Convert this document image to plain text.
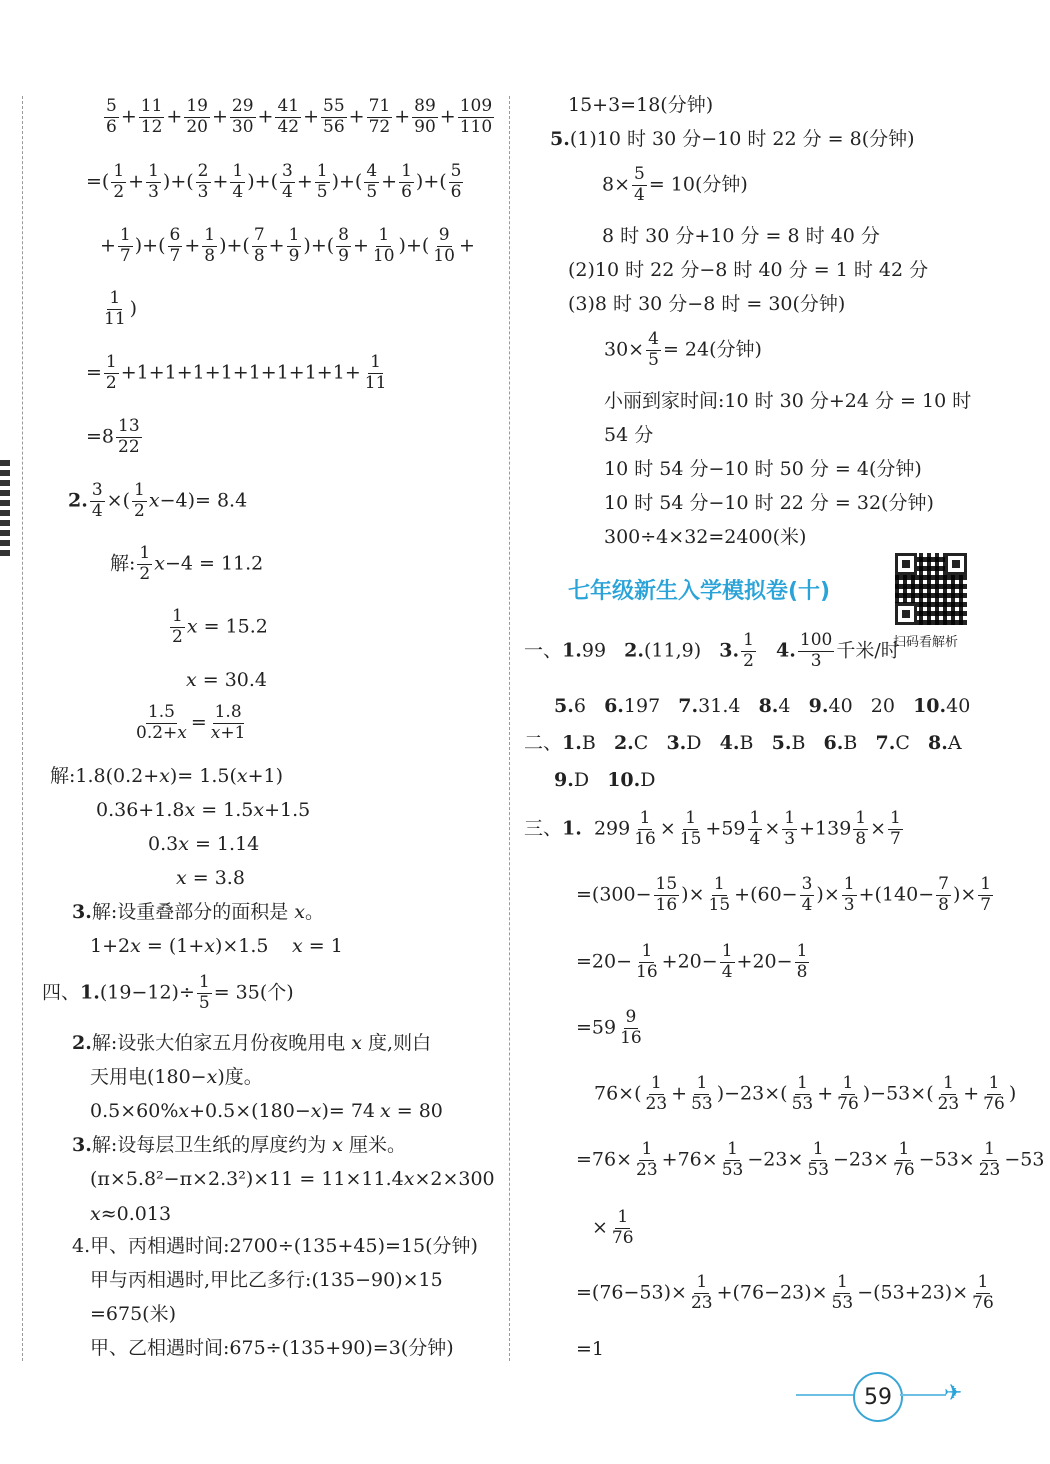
$\frac{5}{6} + \frac{11}{12} + \frac{19}{20} + \frac{29}{30} + \frac{41}{42} + \frac{55}{56} + \frac{71}{72} + \frac{89}{90} + \frac{109}{110}$
=( $\frac{1}{2} + \frac{1}{3}$ )+( $\frac{2}{3} + \frac{1}{4}$ )+( $\frac{3}{4} + \frac{1}{5}$ )+( $\frac{4}{5} + \frac{1}{6}$ )+( $\frac{5}{6}$
+ $\frac{1}{7}$ )+( $\frac{6}{7} + \frac{1}{8}$ )+( $\frac{7}{8} + \frac{1}{9}$ )+( $\frac{8}{9} + \frac{1}{10}$ )+( $\frac{9}{10}$ +
$\frac{1}{11}$ )
= $\frac{1}{2} +1+1+1+1+1+1+1+1+ \frac{1}{11}$
$=8 \frac{13}{22}$
2. $\frac{3}{4}$ ×( $\frac{1}{2} x-4)= 8.4$
解: $\frac{1}{2} x-4 = 11.2$
$\frac{1}{2}$ x = 15.2
x = 30.4
$\frac{1.5}{0.2+x} = \frac{1.8}{x+1}$
解:1.8(0.2+x)= 1.5(x+1)
0.36+1.8x = 1.5x+1.5
0.3x = 1.14
x = 3.8
3.解:设重叠部分的面积是 x。
1+2x = (1+x)×1.5 x = 1
四、$1.(19-12)\div \frac{1}{5} = 35$(个)
2.解:设张大伯家五月份夜晚用电 x 度,则白
天用电(180−x)度。
0.5×60%x+0.5×(180−x)= 74 x = 80
3.解:设每层卫生纸的厚度约为 x 厘米。
(π×5.8²−π×2.3²)×11 = 11×11.4x×2×300
x≈0.013
4.甲、丙相遇时间:2700÷(135+45)=15(分钟)
甲与丙相遇时,甲比乙多行:(135−90)×15
=675(米)
甲、乙相遇时间:675÷(135+90)=3(分钟)
15+3=18(分钟)
5.(1)10 时 30 分−10 时 22 分 = 8(分钟)
$8\times \frac{5}{4} = 10$(分钟)
8 时 30 分+10 分 = 8 时 40 分
(2)10 时 22 分−8 时 40 分 = 1 时 42 分
(3)8 时 30 分−8 时 = 30(分钟)
$30\times \frac{4}{5} = 24$(分钟)
小丽到家时间:10 时 30 分+24 分 = 10 时
54 分
10 时 54 分−10 时 50 分 = 4(分钟)
10 时 54 分−10 时 22 分 = 32(分钟)
300÷4×32=2400(米)
七年级新生入学模拟卷(十)
扫码看解析
一、1.99   2.(11,9)   3. $\frac{1}{2} 4$. $\frac{100}{3}$ 千米/时
5.6   6.197   7.31.4   8.4   9.40   20   10.40
二、1.B   2.C   3.D   4.B   5.B   6.B   7.C   8.A
9.D   10.D
三、1.  $299 \frac{1}{16} \times \frac{1}{15} +59 \frac{1}{4} \times \frac{1}{3} +139 \frac{1}{8} \times \frac{1}{7}$
$=(300- \frac{15}{16}$ )× $\frac{1}{15} +(60- \frac{3}{4}$ )× $\frac{1}{3} +(140- \frac{7}{8}$ )× $\frac{1}{7}$
$=20- \frac{1}{16} +20- \frac{1}{4} +20- \frac{1}{8}$
$=59 \frac{9}{16}$
$76\times( \frac{1}{23} + \frac{1}{53} )-23\times( \frac{1}{53} + \frac{1}{76} )-53\times( \frac{1}{23} + \frac{1}{76}$ )
$=76\times \frac{1}{23} +76\times \frac{1}{53} -23\times \frac{1}{53} -23\times \frac{1}{76} -53\times \frac{1}{23} -53$
× $\frac{1}{76}$
$=(76-53)\times \frac{1}{23} +(76-23)\times \frac{1}{53} -(53+23)\times \frac{1}{76}$
=1
59	✈
